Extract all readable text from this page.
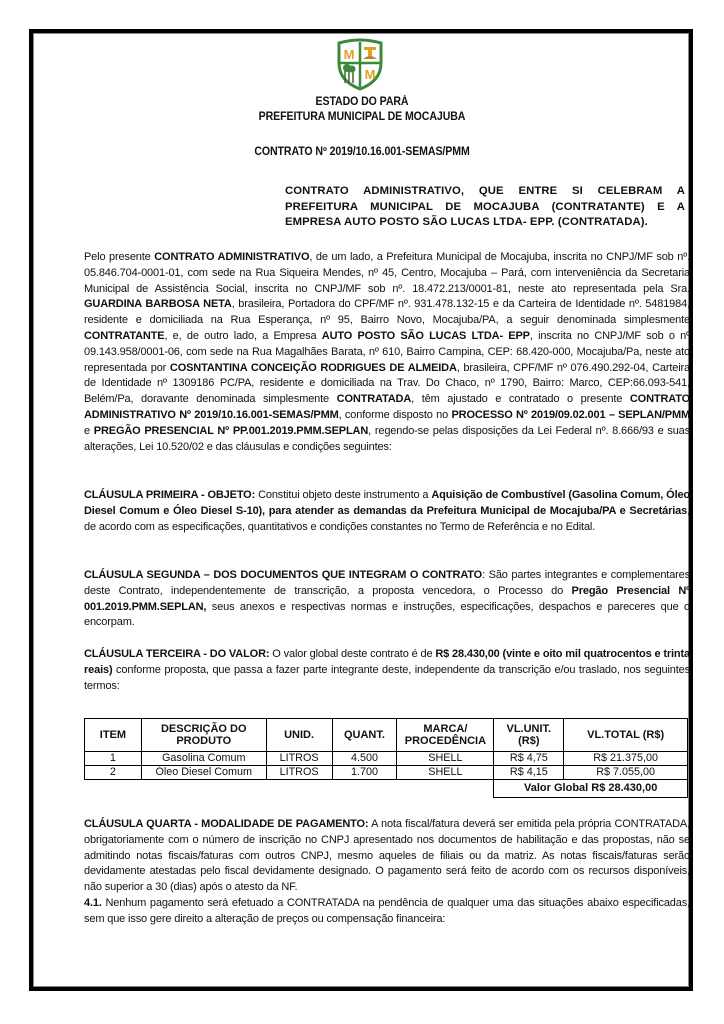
M
M
ESTADO DO PARÁ
PREFEITURA MUNICIPAL DE MOCAJUBA
CONTRATO Nº 2019/10.16.001-SEMAS/PMM
CONTRATO ADMINISTRATIVO, QUE ENTRE SI CELEBRAM A PREFEITURA MUNICIPAL DE MOCAJUBA (CONTRATANTE) E A EMPRESA AUTO POSTO SÃO LUCAS LTDA- EPP. (CONTRATADA).
Pelo presente CONTRATO ADMINISTRATIVO, de um lado, a Prefeitura Municipal de Mocajuba, inscrita no CNPJ/MF sob nº. 05.846.704-0001-01, com sede na Rua Siqueira Mendes, nº 45, Centro, Mocajuba – Pará, com interveniência da Secretaria Municipal de Assistência Social, inscrita no CNPJ/MF sob nº. 18.472.213/0001-81, neste ato representada pela Sra. GUARDINA BARBOSA NETA, brasileira, Portadora do CPF/MF nº. 931.478.132-15 e da Carteira de Identidade nº. 5481984, residente e domiciliada na Rua Esperança, nº 95, Bairro Novo, Mocajuba/PA, a seguir denominada simplesmente CONTRATANTE, e, de outro lado, a Empresa AUTO POSTO SÃO LUCAS LTDA- EPP, inscrita no CNPJ/MF sob o nº 09.143.958/0001-06, com sede na Rua Magalhães Barata, nº 610, Bairro Campina, CEP: 68.420-000, Mocajuba/Pa, neste ato representada por COSNTANTINA CONCEIÇÃO RODRIGUES DE ALMEIDA, brasileira, CPF/MF nº 076.490.292-04, Carteira de Identidade nº 1309186 PC/PA, residente e domiciliada na Trav. Do Chaco, nº 1790, Bairro: Marco, CEP:66.093-541, Belém/Pa, doravante denominada simplesmente CONTRATADA, têm ajustado e contratado o presente CONTRATO ADMINISTRATIVO Nº 2019/10.16.001-SEMAS/PMM, conforme disposto no PROCESSO Nº 2019/09.02.001 – SEPLAN/PMM e PREGÃO PRESENCIAL Nº PP.001.2019.PMM.SEPLAN, regendo-se pelas disposições da Lei Federal nº. 8.666/93 e suas alterações, Lei 10.520/02 e das cláusulas e condições seguintes:
CLÁUSULA PRIMEIRA - OBJETO: Constitui objeto deste instrumento a Aquisição de Combustível (Gasolina Comum, Óleo Diesel Comum e Óleo Diesel S-10), para atender as demandas da Prefeitura Municipal de Mocajuba/PA e Secretárias, de acordo com as especificações, quantitativos e condições constantes no Termo de Referência e no Edital.
CLÁUSULA SEGUNDA – DOS DOCUMENTOS QUE INTEGRAM O CONTRATO: São partes integrantes e complementares deste Contrato, independentemente de transcrição, a proposta vencedora, o Processo do Pregão Presencial Nº 001.2019.PMM.SEPLAN, seus anexos e respectivas normas e instruções, especificações, despachos e pareceres que o encorpam.
CLÁUSULA TERCEIRA - DO VALOR: O valor global deste contrato é de R$ 28.430,00 (vinte e oito mil quatrocentos e trinta reais) conforme proposta, que passa a fazer parte integrante deste, independente da transcrição e/ou traslado, nos seguintes termos:
ITEM	DESCRIÇÃO DO PRODUTO	UNID.	QUANT.	MARCA/ PROCEDÊNCIA	VL.UNIT. (R$)	VL.TOTAL (R$)
1	Gasolina Comum	LITROS	4.500	SHELL	R$ 4,75	R$ 21.375,00
2	Óleo Diesel Comum	LITROS	1.700	SHELL	R$ 4,15	R$ 7.055,00
					Valor Global R$ 28.430,00	
CLÁUSULA QUARTA - MODALIDADE DE PAGAMENTO: A nota fiscal/fatura deverá ser emitida pela própria CONTRATADA, obrigatoriamente com o número de inscrição no CNPJ apresentado nos documentos de habilitação e das propostas, não se admitindo notas fiscais/faturas com outros CNPJ, mesmo aqueles de filiais ou da matriz. As notas fiscais/faturas serão devidamente atestadas pelo fiscal devidamente designado. O pagamento será feito de acordo com os recursos disponíveis, não superior a 30 (dias) após o atesto da NF.
4.1. Nenhum pagamento será efetuado a CONTRATADA na pendência de qualquer uma das situações abaixo especificadas, sem que isso gere direito a alteração de preços ou compensação financeira:
